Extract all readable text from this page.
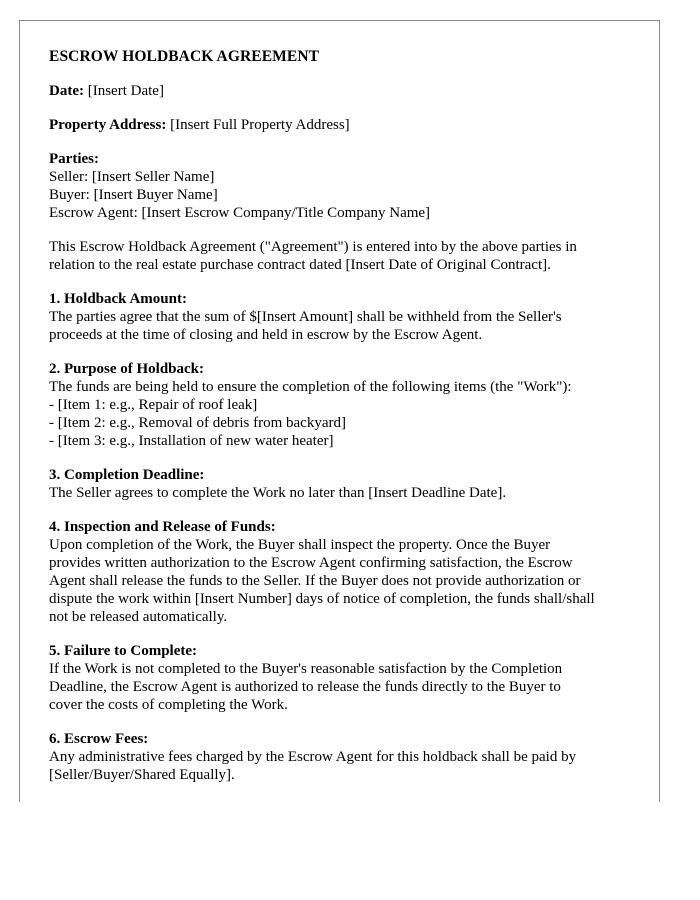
ESCROW HOLDBACK AGREEMENT
Date: [Insert Date]
Property Address: [Insert Full Property Address]
Parties:
Seller: [Insert Seller Name]
Buyer: [Insert Buyer Name]
Escrow Agent: [Insert Escrow Company/Title Company Name]
This Escrow Holdback Agreement ("Agreement") is entered into by the above parties in
relation to the real estate purchase contract dated [Insert Date of Original Contract].
1. Holdback Amount:
The parties agree that the sum of $[Insert Amount] shall be withheld from the Seller's
proceeds at the time of closing and held in escrow by the Escrow Agent.
2. Purpose of Holdback:
The funds are being held to ensure the completion of the following items (the "Work"):
- [Item 1: e.g., Repair of roof leak]
- [Item 2: e.g., Removal of debris from backyard]
- [Item 3: e.g., Installation of new water heater]
3. Completion Deadline:
The Seller agrees to complete the Work no later than [Insert Deadline Date].
4. Inspection and Release of Funds:
Upon completion of the Work, the Buyer shall inspect the property. Once the Buyer
provides written authorization to the Escrow Agent confirming satisfaction, the Escrow
Agent shall release the funds to the Seller. If the Buyer does not provide authorization or
dispute the work within [Insert Number] days of notice of completion, the funds shall/shall
not be released automatically.
5. Failure to Complete:
If the Work is not completed to the Buyer's reasonable satisfaction by the Completion
Deadline, the Escrow Agent is authorized to release the funds directly to the Buyer to
cover the costs of completing the Work.
6. Escrow Fees:
Any administrative fees charged by the Escrow Agent for this holdback shall be paid by
[Seller/Buyer/Shared Equally].
